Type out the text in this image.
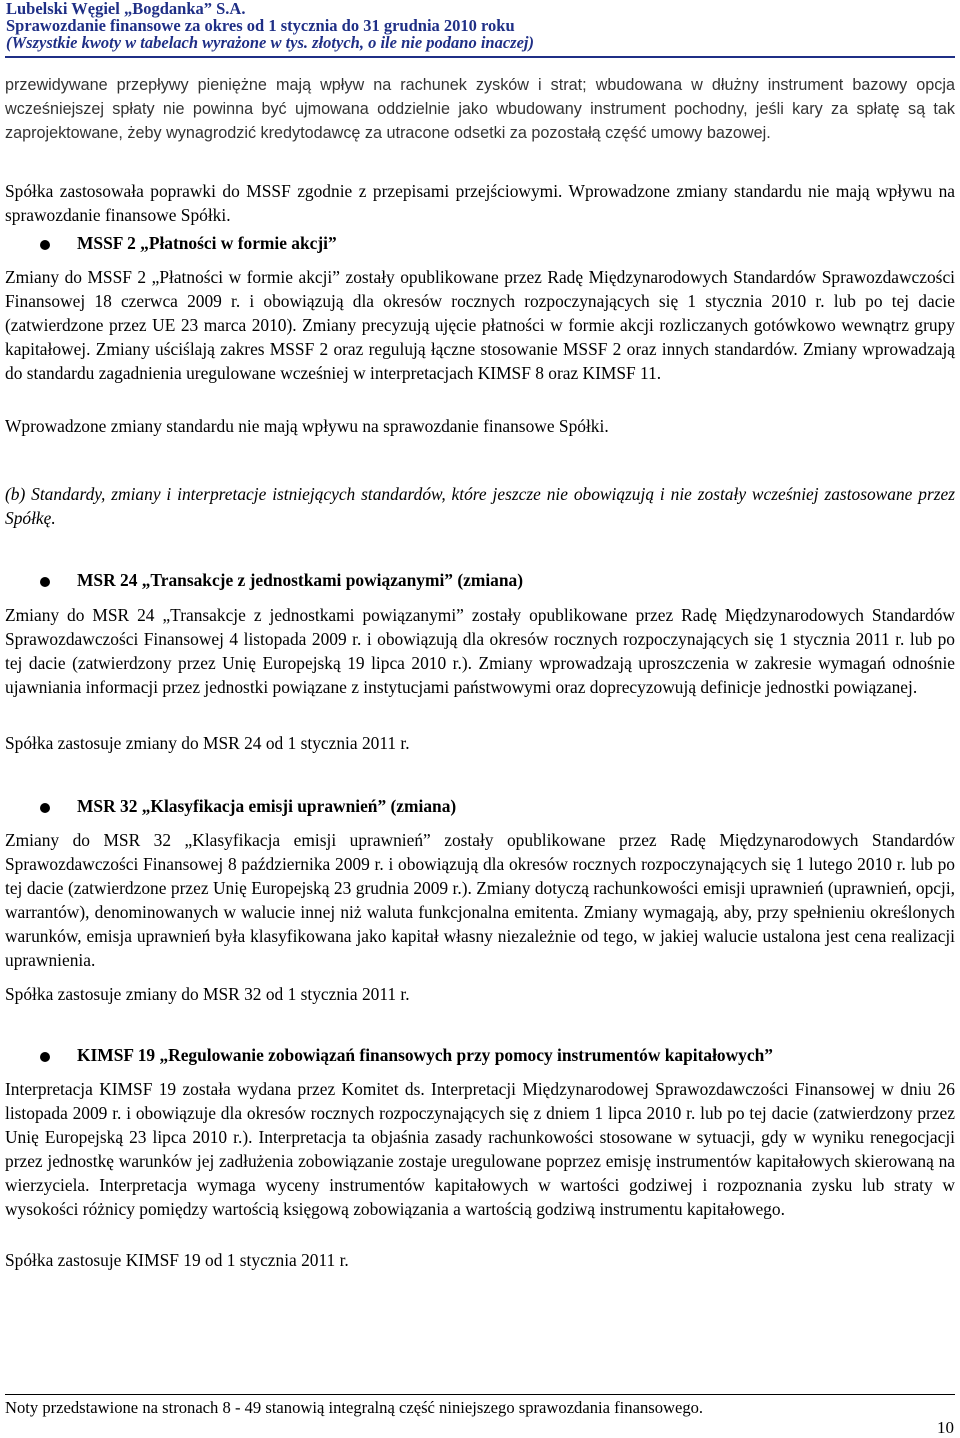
Lubelski Węgiel „Bogdanka” S.A.
Sprawozdanie finansowe za okres od 1 stycznia do 31 grudnia 2010 roku
(Wszystkie kwoty w tabelach wyrażone w tys. złotych, o ile nie podano inaczej)

przewidywane przepływy pieniężne mają wpływ na rachunek zysków i strat; wbudowana w dłużny instrument bazowy opcja wcześniejszej spłaty nie powinna być ujmowana oddzielnie jako wbudowany instrument pochodny, jeśli kary za spłatę są tak zaprojektowane, żeby wynagrodzić kredytodawcę za utracone odsetki za pozostałą część umowy bazowej.

Spółka zastosowała poprawki do MSSF zgodnie z przepisami przejściowymi. Wprowadzone zmiany standardu nie mają wpływu na sprawozdanie finansowe Spółki.

MSSF 2 „Płatności w formie akcji”

Zmiany do MSSF 2 „Płatności w formie akcji” zostały opublikowane przez Radę Międzynarodowych Standardów Sprawozdawczości Finansowej 18 czerwca 2009 r. i obowiązują dla okresów rocznych rozpoczynających się 1 stycznia 2010 r. lub po tej dacie (zatwierdzone przez UE 23 marca 2010). Zmiany precyzują ujęcie płatności w formie akcji rozliczanych gotówkowo wewnątrz grupy kapitałowej. Zmiany uściślają zakres MSSF 2 oraz regulują łączne stosowanie MSSF 2 oraz innych standardów. Zmiany wprowadzają do standardu zagadnienia uregulowane wcześniej w interpretacjach KIMSF 8 oraz KIMSF 11.

Wprowadzone zmiany standardu nie mają wpływu na sprawozdanie finansowe Spółki.

(b) Standardy, zmiany i interpretacje istniejących standardów, które jeszcze nie obowiązują i nie zostały wcześniej zastosowane przez Spółkę.

MSR 24 „Transakcje z jednostkami powiązanymi” (zmiana)

Zmiany do MSR 24 „Transakcje z jednostkami powiązanymi” zostały opublikowane przez Radę Międzynarodowych Standardów Sprawozdawczości Finansowej 4 listopada 2009 r. i obowiązują dla okresów rocznych rozpoczynających się 1 stycznia 2011 r. lub po tej dacie (zatwierdzony przez Unię Europejską 19 lipca 2010 r.). Zmiany wprowadzają uproszczenia w zakresie wymagań odnośnie ujawniania informacji przez jednostki powiązane z instytucjami państwowymi oraz doprecyzowują definicje jednostki powiązanej.

Spółka zastosuje zmiany do MSR 24 od 1 stycznia 2011 r.

MSR 32 „Klasyfikacja emisji uprawnień” (zmiana)

Zmiany do MSR 32 „Klasyfikacja emisji uprawnień” zostały opublikowane przez Radę Międzynarodowych Standardów Sprawozdawczości Finansowej 8 października 2009 r. i obowiązują dla okresów rocznych rozpoczynających się 1 lutego 2010 r. lub po tej dacie (zatwierdzone przez Unię Europejską 23 grudnia 2009 r.). Zmiany dotyczą rachunkowości emisji uprawnień (uprawnień, opcji, warrantów), denominowanych w walucie innej niż waluta funkcjonalna emitenta. Zmiany wymagają, aby, przy spełnieniu określonych warunków, emisja uprawnień była klasyfikowana jako kapitał własny niezależnie od tego, w jakiej walucie ustalona jest cena realizacji uprawnienia.

Spółka zastosuje zmiany do MSR 32 od 1 stycznia 2011 r.

KIMSF 19 „Regulowanie zobowiązań finansowych przy pomocy instrumentów kapitałowych”

Interpretacja KIMSF 19 została wydana przez Komitet ds. Interpretacji Międzynarodowej Sprawozdawczości Finansowej w dniu 26 listopada 2009 r. i obowiązuje dla okresów rocznych rozpoczynających się z dniem 1 lipca 2010 r. lub po tej dacie (zatwierdzony przez Unię Europejską 23 lipca 2010 r.). Interpretacja ta objaśnia zasady rachunkowości stosowane w sytuacji, gdy w wyniku renegocjacji przez jednostkę warunków jej zadłużenia zobowiązanie zostaje uregulowane poprzez emisję instrumentów kapitałowych skierowaną na wierzyciela. Interpretacja wymaga wyceny instrumentów kapitałowych w wartości godziwej i rozpoznania zysku lub straty w wysokości różnicy pomiędzy wartością księgową zobowiązania a wartością godziwą instrumentu kapitałowego.

Spółka zastosuje KIMSF 19 od 1 stycznia 2011 r.

Noty przedstawione na stronach 8 - 49 stanowią integralną część niniejszego sprawozdania finansowego.
10
